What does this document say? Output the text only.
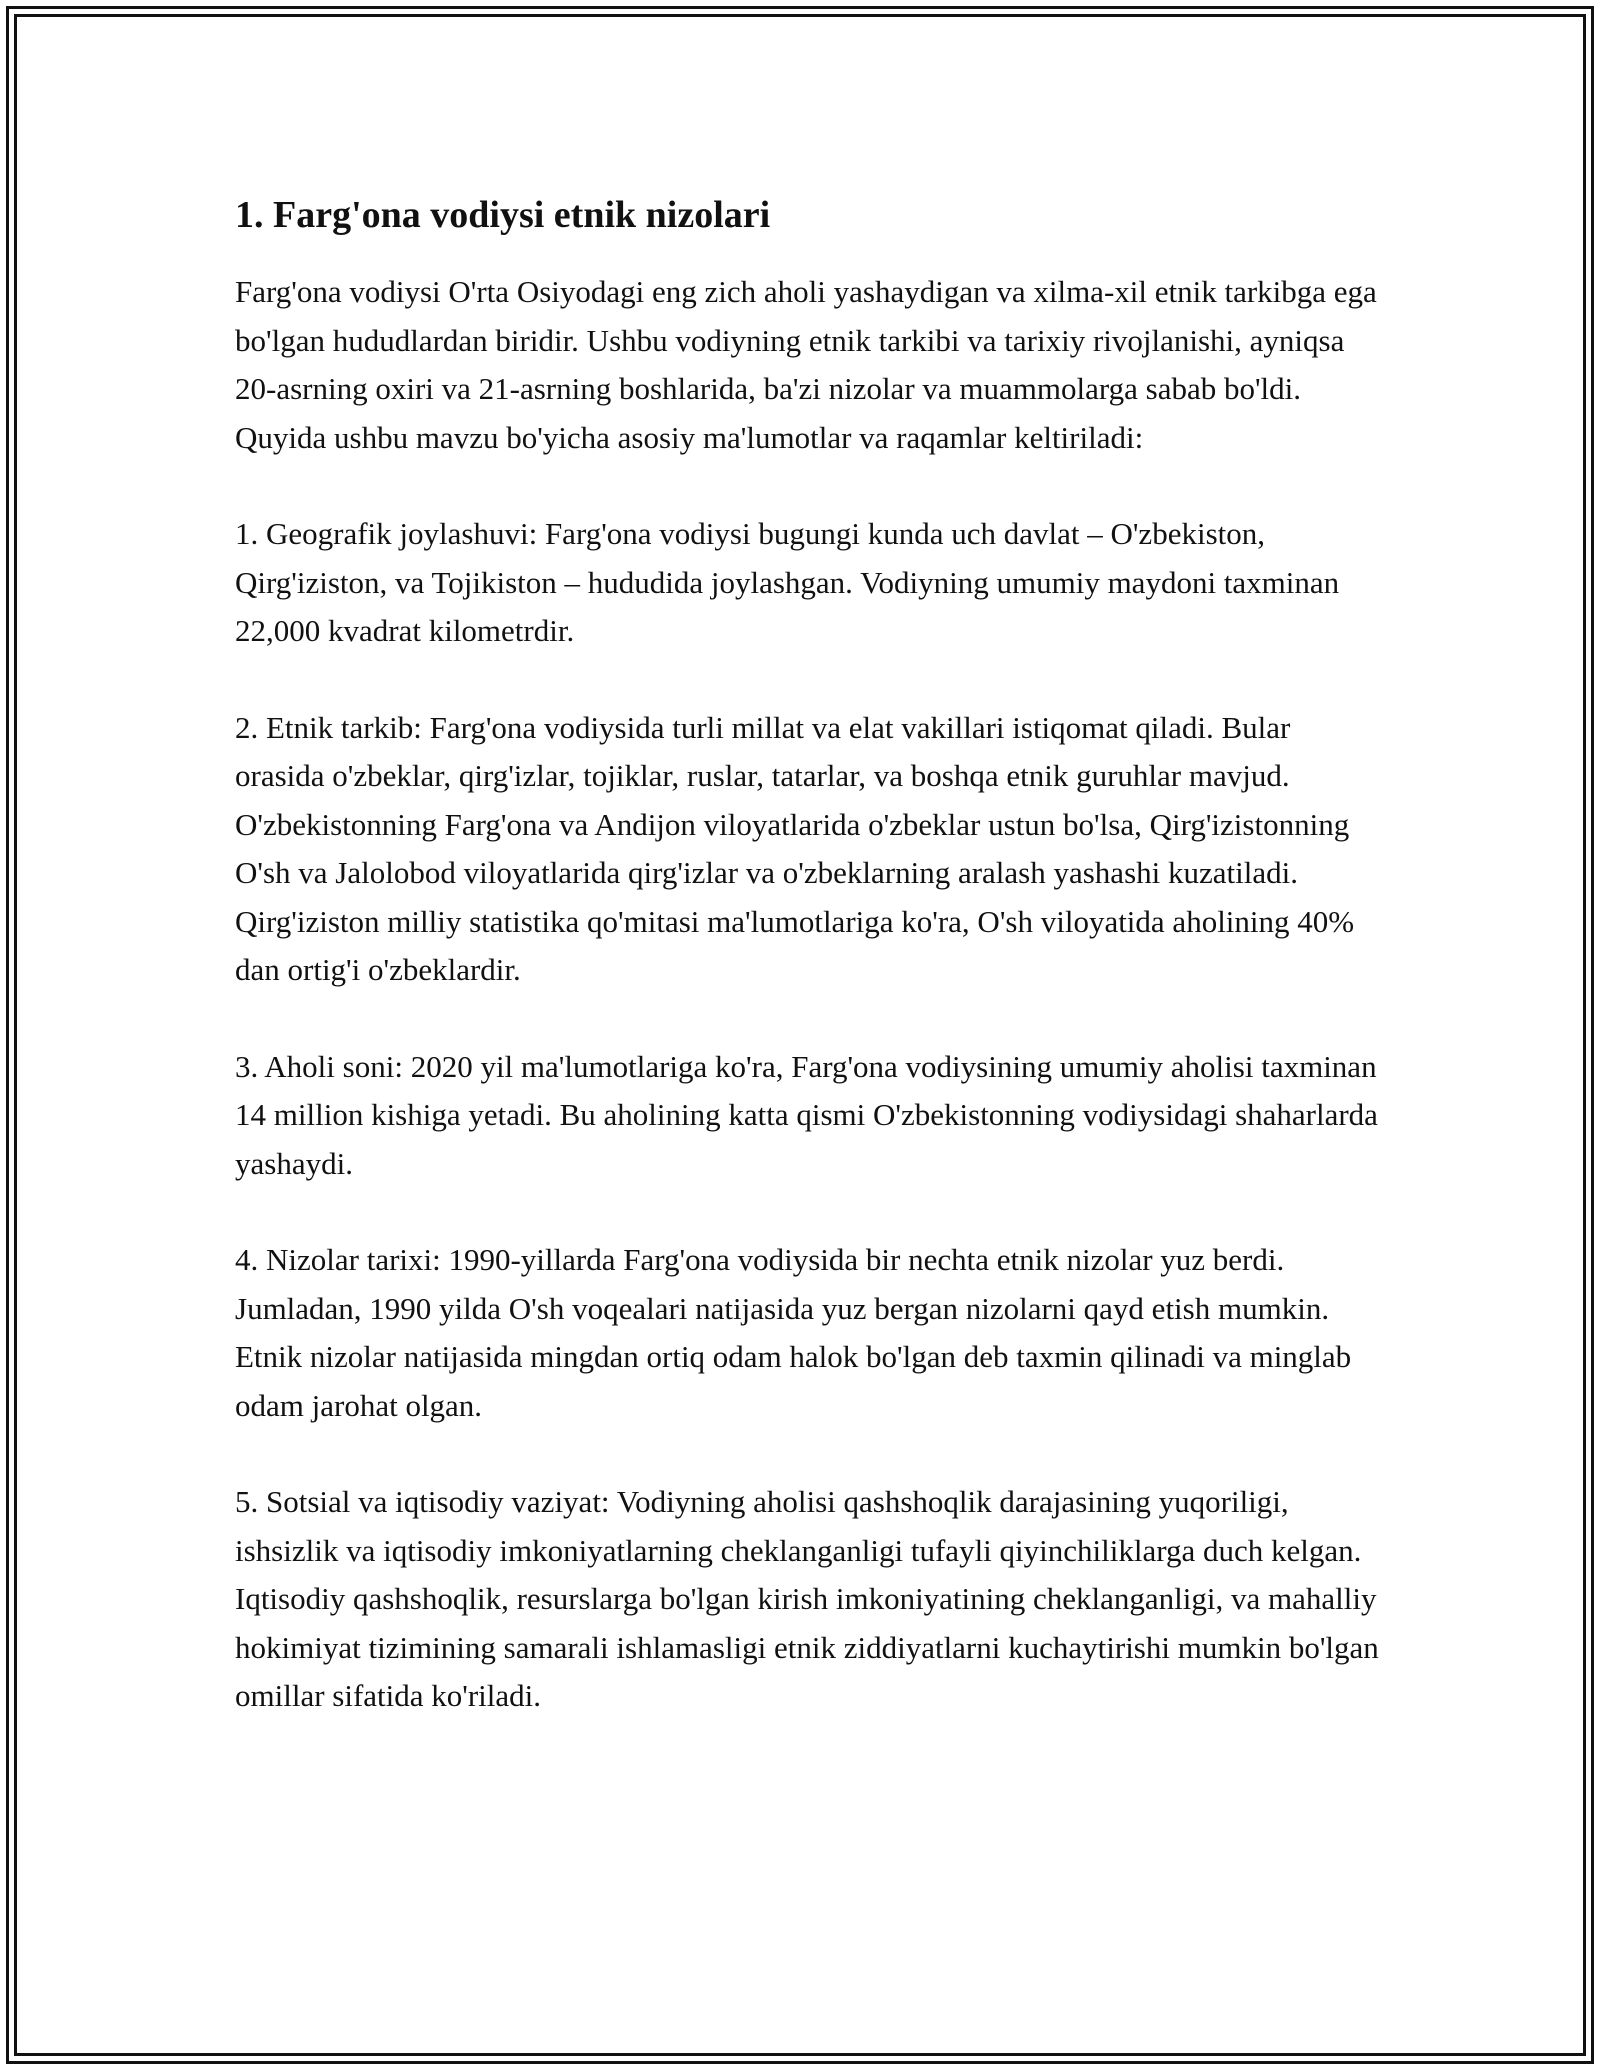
1. Farg'ona vodiysi etnik nizolari

Farg'ona vodiysi O'rta Osiyodagi eng zich aholi yashaydigan va xilma-xil etnik tarkibga ega bo'lgan hududlardan biridir. Ushbu vodiyning etnik tarkibi va tarixiy rivojlanishi, ayniqsa 20-asrning oxiri va 21-asrning boshlarida, ba'zi nizolar va muammolarga sabab bo'ldi. Quyida ushbu mavzu bo'yicha asosiy ma'lumotlar va raqamlar keltiriladi:

1. Geografik joylashuvi: Farg'ona vodiysi bugungi kunda uch davlat – O'zbekiston, Qirg'iziston, va Tojikiston – hududida joylashgan. Vodiyning umumiy maydoni taxminan 22,000 kvadrat kilometrdir.

2. Etnik tarkib: Farg'ona vodiysida turli millat va elat vakillari istiqomat qiladi. Bular orasida o'zbeklar, qirg'izlar, tojiklar, ruslar, tatarlar, va boshqa etnik guruhlar mavjud. O'zbekistonning Farg'ona va Andijon viloyatlarida o'zbeklar ustun bo'lsa, Qirg'izistonning O'sh va Jalolobod viloyatlarida qirg'izlar va o'zbeklarning aralash yashashi kuzatiladi. Qirg'iziston milliy statistika qo'mitasi ma'lumotlariga ko'ra, O'sh viloyatida aholining 40% dan ortig'i o'zbeklardir.

3. Aholi soni: 2020 yil ma'lumotlariga ko'ra, Farg'ona vodiysining umumiy aholisi taxminan 14 million kishiga yetadi. Bu aholining katta qismi O'zbekistonning vodiysidagi shaharlarda yashaydi.

4. Nizolar tarixi: 1990-yillarda Farg'ona vodiysida bir nechta etnik nizolar yuz berdi. Jumladan, 1990 yilda O'sh voqealari natijasida yuz bergan nizolarni qayd etish mumkin. Etnik nizolar natijasida mingdan ortiq odam halok bo'lgan deb taxmin qilinadi va minglab odam jarohat olgan.

5. Sotsial va iqtisodiy vaziyat: Vodiyning aholisi qashshoqlik darajasining yuqoriligi, ishsizlik va iqtisodiy imkoniyatlarning cheklanganligi tufayli qiyinchiliklarga duch kelgan. Iqtisodiy qashshoqlik, resurslarga bo'lgan kirish imkoniyatining cheklanganligi, va mahalliy hokimiyat tizimining samarali ishlamasligi etnik ziddiyatlarni kuchaytirishi mumkin bo'lgan omillar sifatida ko'riladi.
